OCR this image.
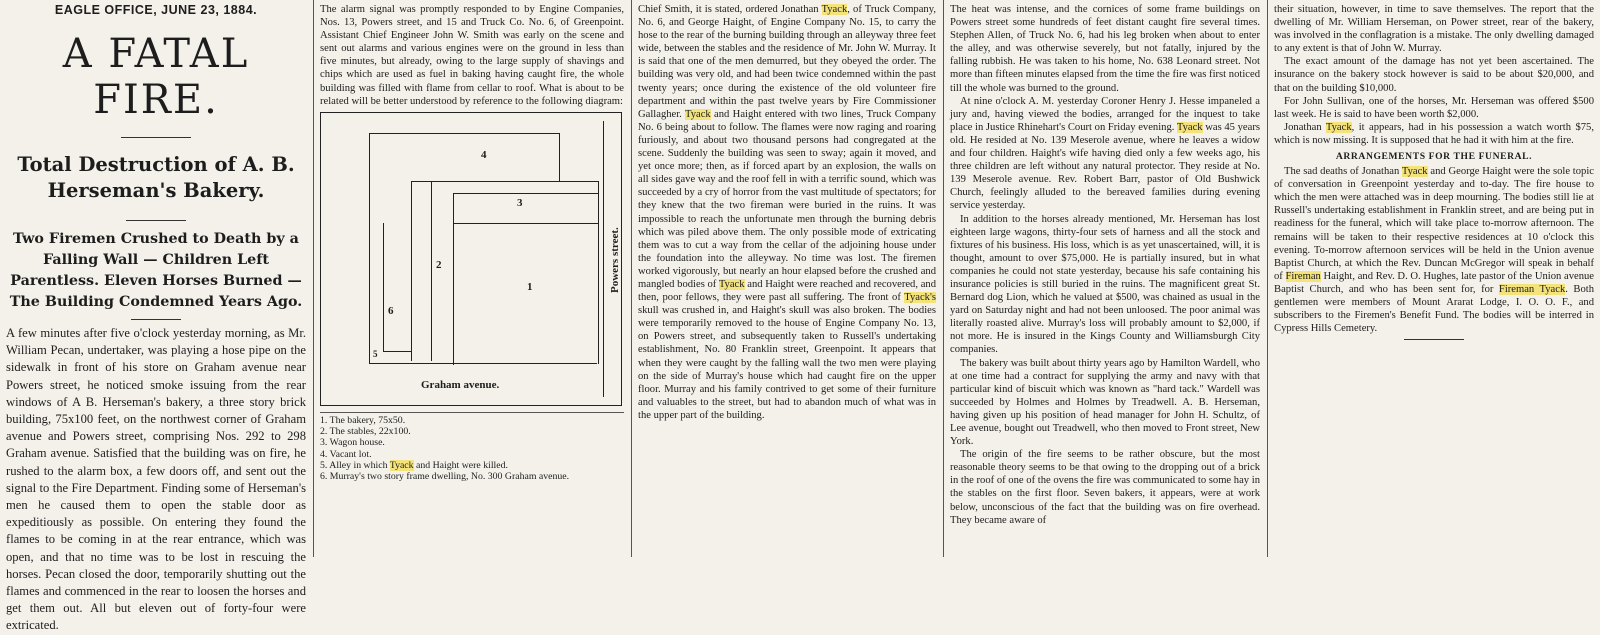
EAGLE OFFICE, JUNE 23, 1884.
A FATAL FIRE.
Total Destruction of A. B. Herseman's Bakery.
Two Firemen Crushed to Death by a Falling Wall — Children Left Parentless. Eleven Horses Burned — The Building Condemned Years Ago.

A few minutes after five o'clock yesterday morning, as Mr. William Pecan, undertaker, was playing a hose pipe on the sidewalk in front of his store on Graham avenue near Powers street, he noticed smoke issuing from the rear windows of A B. Herseman's bakery, a three story brick building, 75x100 feet, on the northwest corner of Graham avenue and Powers street, comprising Nos. 292 to 298 Graham avenue. Satisfied that the building was on fire, he rushed to the alarm box, a few doors off, and sent out the signal to the Fire Department. Finding some of Herseman's men he caused them to open the stable door as expeditiously as possible. On entering they found the flames to be coming in at the rear entrance, which was open, and that no time was to be lost in rescuing the horses. Pecan closed the door, temporarily shutting out the flames and commenced in the rear to loosen the horses and get them out. All but eleven out of forty-four were extricated.

The alarm signal was promptly responded to by Engine Companies, Nos. 13, Powers street, and 15 and Truck Co. No. 6, of Greenpoint. Assistant Chief Engineer John W. Smith was early on the scene and sent out alarms and various engines were on the ground in less than five minutes, but already, owing to the large supply of shavings and chips which are used as fuel in baking having caught fire, the whole building was filled with flame from cellar to roof. What is about to be related will be better understood by reference to the following diagram:

4
3
2
1
6
5
Powers street.
Graham avenue.
1. The bakery, 75x50.
2. The stables, 22x100.
3. Wagon house.
4. Vacant lot.
5. Alley in which Tyack and Haight were killed.
6. Murray's two story frame dwelling, No. 300 Graham avenue.

Chief Smith, it is stated, ordered Jonathan Tyack, of Truck Company, No. 6, and George Haight, of Engine Company No. 15, to carry the hose to the rear of the burning building through an alleyway three feet wide, between the stables and the residence of Mr. John W. Murray. It is said that one of the men demurred, but they obeyed the order. The building was very old, and had been twice condemned within the past twenty years; once during the existence of the old volunteer fire department and within the past twelve years by Fire Commissioner Gallagher. Tyack and Haight entered with two lines, Truck Company No. 6 being about to follow. The flames were now raging and roaring furiously, and about two thousand persons had congregated at the scene. Suddenly the building was seen to sway; again it moved, and yet once more; then, as if forced apart by an explosion, the walls on all sides gave way and the roof fell in with a terrific sound, which was succeeded by a cry of horror from the vast multitude of spectators; for they knew that the two fireman were buried in the ruins. It was impossible to reach the unfortunate men through the burning debris which was piled above them. The only possible mode of extricating them was to cut a way from the cellar of the adjoining house under the foundation into the alleyway. No time was lost. The firemen worked vigorously, but nearly an hour elapsed before the crushed and mangled bodies of Tyack and Haight were reached and recovered, and then, poor fellows, they were past all suffering. The front of Tyack's skull was crushed in, and Haight's skull was also broken. The bodies were temporarily removed to the house of Engine Company No. 13, on Powers street, and subsequently taken to Russell's undertaking establishment, No. 80 Franklin street, Greenpoint. It appears that when they were caught by the falling wall the two men were playing on the side of Murray's house which had caught fire on the upper floor. Murray and his family contrived to get some of their furniture and valuables to the street, but had to abandon much of what was in the upper part of the building.

The heat was intense, and the cornices of some frame buildings on Powers street some hundreds of feet distant caught fire several times. Stephen Allen, of Truck No. 6, had his leg broken when about to enter the alley, and was otherwise severely, but not fatally, injured by the falling rubbish. He was taken to his home, No. 638 Leonard street. Not more than fifteen minutes elapsed from the time the fire was first noticed till the whole was burned to the ground.

At nine o'clock A. M. yesterday Coroner Henry J. Hesse impaneled a jury and, having viewed the bodies, arranged for the inquest to take place in Justice Rhinehart's Court on Friday evening. Tyack was 45 years old. He resided at No. 139 Meserole avenue, where he leaves a widow and four children. Haight's wife having died only a few weeks ago, his three children are left without any natural protector. They reside at No. 139 Meserole avenue. Rev. Robert Barr, pastor of Old Bushwick Church, feelingly alluded to the bereaved families during evening service yesterday.

In addition to the horses already mentioned, Mr. Herseman has lost eighteen large wagons, thirty-four sets of harness and all the stock and fixtures of his business. His loss, which is as yet unascertained, will, it is thought, amount to over $75,000. He is partially insured, but in what companies he could not state yesterday, because his safe containing his insurance policies is still buried in the ruins. The magnificent great St. Bernard dog Lion, which he valued at $500, was chained as usual in the yard on Saturday night and had not been unloosed. The poor animal was literally roasted alive. Murray's loss will probably amount to $2,000, if not more. He is insured in the Kings County and Williamsburgh City companies.

The bakery was built about thirty years ago by Hamilton Wardell, who at one time had a contract for supplying the army and navy with that particular kind of biscuit which was known as "hard tack." Wardell was succeeded by Holmes and Holmes by Treadwell. A. B. Herseman, having given up his position of head manager for John H. Schultz, of Lee avenue, bought out Treadwell, who then moved to Front street, New York.

The origin of the fire seems to be rather obscure, but the most reasonable theory seems to be that owing to the dropping out of a brick in the roof of one of the ovens the fire was communicated to some hay in the stables on the first floor. Seven bakers, it appears, were at work below, unconscious of the fact that the building was on fire overhead. They became aware of

their situation, however, in time to save themselves. The report that the dwelling of Mr. William Herseman, on Power street, rear of the bakery, was involved in the conflagration is a mistake. The only dwelling damaged to any extent is that of John W. Murray.

The exact amount of the damage has not yet been ascertained. The insurance on the bakery stock however is said to be about $20,000, and that on the building $10,000.

For John Sullivan, one of the horses, Mr. Herseman was offered $500 last week. He is said to have been worth $2,000.

Jonathan Tyack, it appears, had in his possession a watch worth $75, which is now missing. It is supposed that he had it with him at the fire.

ARRANGEMENTS FOR THE FUNERAL.

The sad deaths of Jonathan Tyack and George Haight were the sole topic of conversation in Greenpoint yesterday and to-day. The fire house to which the men were attached was in deep mourning. The bodies still lie at Russell's undertaking establishment in Franklin street, and are being put in readiness for the funeral, which will take place to-morrow afternoon. The remains will be taken to their respective residences at 10 o'clock this evening. To-morrow afternoon services will be held in the Union avenue Baptist Church, at which the Rev. Duncan McGregor will speak in behalf of Fireman Haight, and Rev. D. O. Hughes, late pastor of the Union avenue Baptist Church, and who has been sent for, for Fireman Tyack. Both gentlemen were members of Mount Ararat Lodge, I. O. O. F., and subscribers to the Firemen's Benefit Fund. The bodies will be interred in Cypress Hills Cemetery.
